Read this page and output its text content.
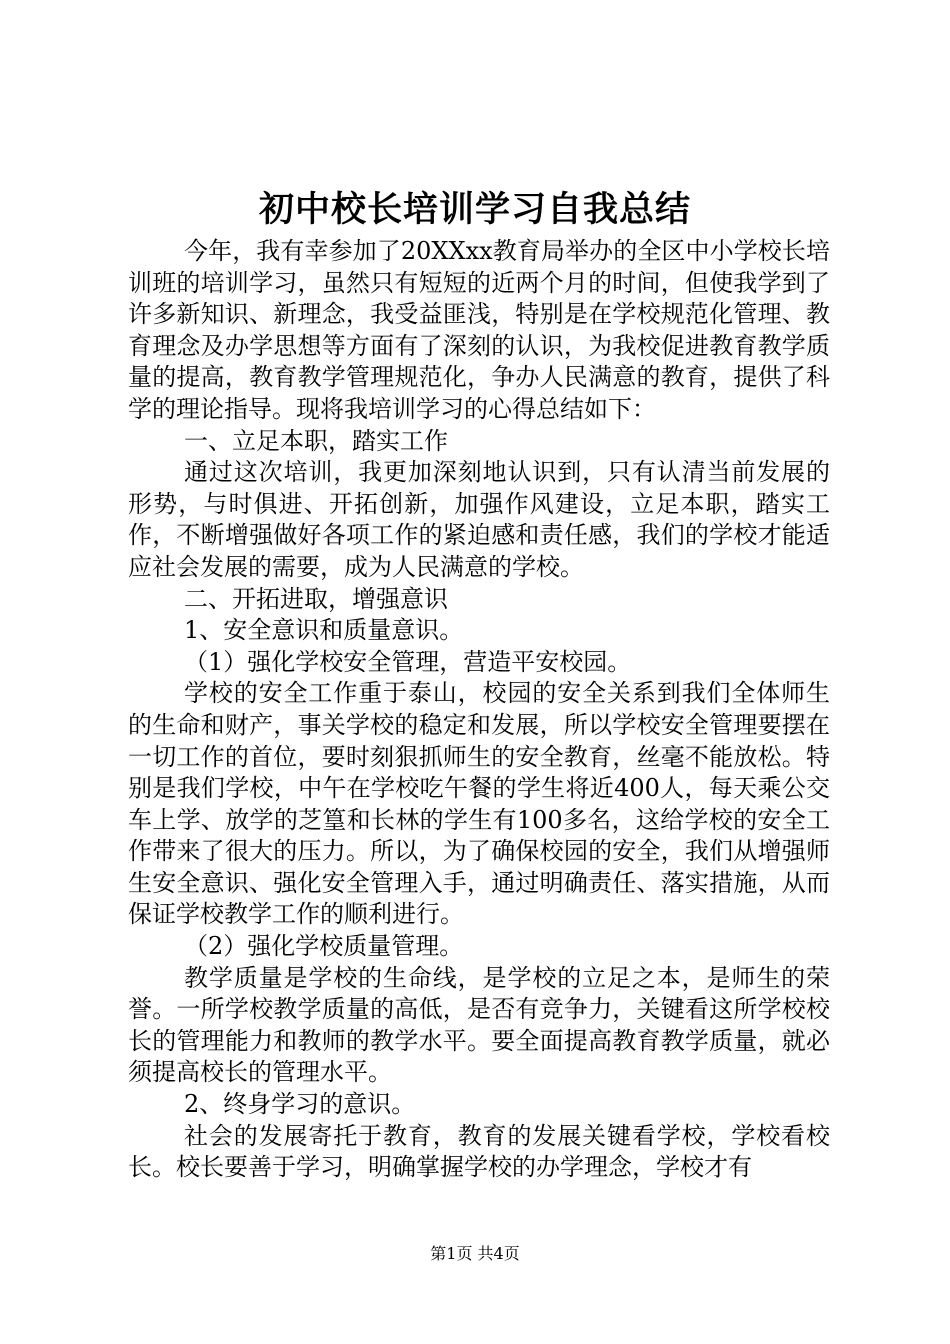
初中校长培训学习自我总结

今年，我有幸参加了20XXxx教育局举办的全区中小学校长培训班的培训学习，虽然只有短短的近两个月的时间，但使我学到了许多新知识、新理念，我受益匪浅，特别是在学校规范化管理、教育理念及办学思想等方面有了深刻的认识，为我校促进教育教学质量的提高，教育教学管理规范化，争办人民满意的教育，提供了科学的理论指导。现将我培训学习的心得总结如下：

一、立足本职，踏实工作

通过这次培训，我更加深刻地认识到，只有认清当前发展的形势，与时俱进、开拓创新，加强作风建设，立足本职，踏实工作，不断增强做好各项工作的紧迫感和责任感，我们的学校才能适应社会发展的需要，成为人民满意的学校。

二、开拓进取，增强意识

1、安全意识和质量意识。

（1）强化学校安全管理，营造平安校园。

学校的安全工作重于泰山，校园的安全关系到我们全体师生的生命和财产，事关学校的稳定和发展，所以学校安全管理要摆在一切工作的首位，要时刻狠抓师生的安全教育，丝毫不能放松。特别是我们学校，中午在学校吃午餐的学生将近400人，每天乘公交车上学、放学的芝篁和长林的学生有100多名，这给学校的安全工作带来了很大的压力。所以，为了确保校园的安全，我们从增强师生安全意识、强化安全管理入手，通过明确责任、落实措施，从而保证学校教学工作的顺利进行。

（2）强化学校质量管理。

教学质量是学校的生命线，是学校的立足之本，是师生的荣誉。一所学校教学质量的高低，是否有竞争力，关键看这所学校校长的管理能力和教师的教学水平。要全面提高教育教学质量，就必须提高校长的管理水平。

2、终身学习的意识。

社会的发展寄托于教育，教育的发展关键看学校，学校看校长。校长要善于学习，明确掌握学校的办学理念，学校才有

第1页 共4页
